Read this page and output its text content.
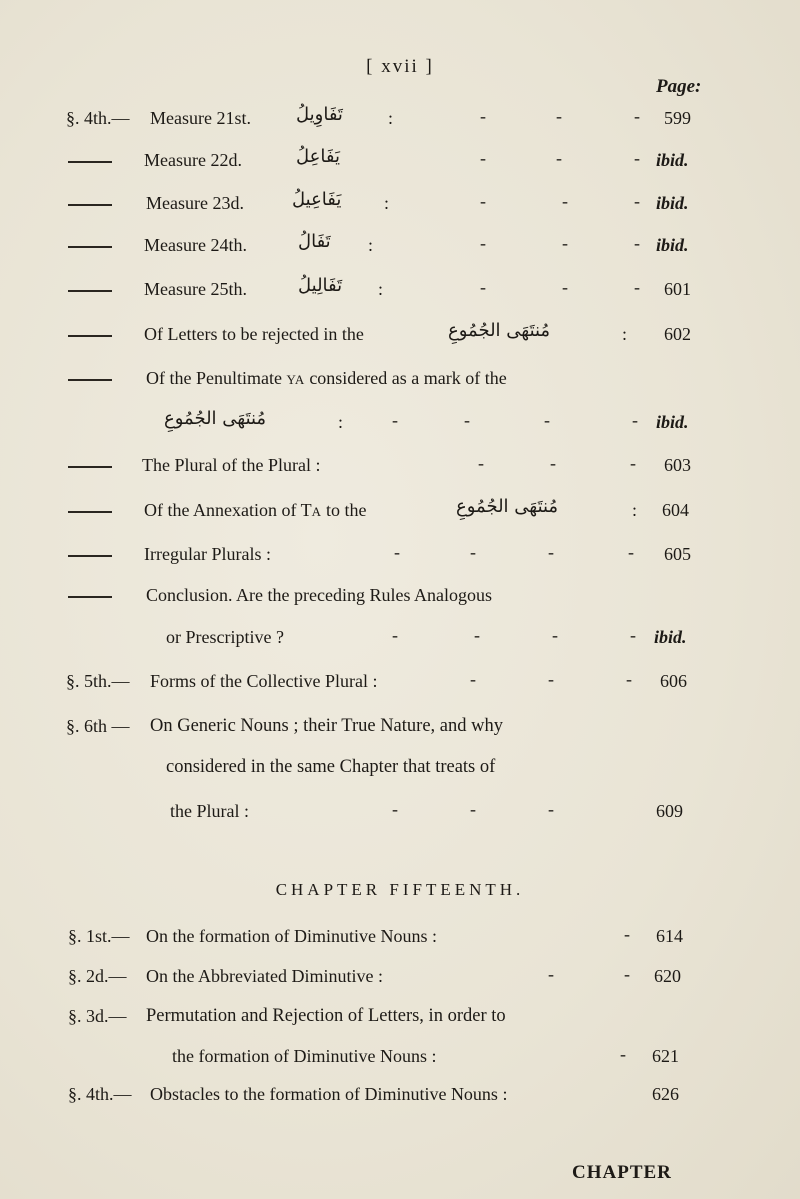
[ xvii ]
Page:
§. 4th.— Measure 21st.	تَفَاوِيلُ	:	-	-	- 599
Measure 22d.	يَفَاعِلُ	-	-	- ibid.
Measure 23d.	يَفَاعِيلُ :	-	-	- ibid.
Measure 24th.	تَفَالُ :	-	-	- ibid.
Measure 25th.	تَفَالِيلُ :	-	-	- 601
Of Letters to be rejected in the	مُنتَهَى الجُمُوعِ	: 602
Of the Penultimate YA considered as a mark of the
مُنتَهَى الجُمُوعِ	:	-	-	-	- ibid.
The Plural of the Plural :	-	-	- 603
Of the Annexation of TA to the	مُنتَهَى الجُمُوعِ	: 604
Irregular Plurals :	-	-	-	- 605
Conclusion. Are the preceding Rules Analogous
or Prescriptive ?	-	-	-	- ibid.
§. 5th.— Forms of the Collective Plural :	-	-	- 606
§. 6th — On Generic Nouns ; their True Nature, and why
considered in the same Chapter that treats of
the Plural :	-	-	-	609
CHAPTER FIFTEENTH.
§. 1st.— On the formation of Diminutive Nouns :	- 614
§. 2d.— On the Abbreviated Diminutive :	-	- 620
§. 3d.— Permutation and Rejection of Letters, in order to
the formation of Diminutive Nouns :	- 621
§. 4th.— Obstacles to the formation of Diminutive Nouns :	626
CHAPTER
